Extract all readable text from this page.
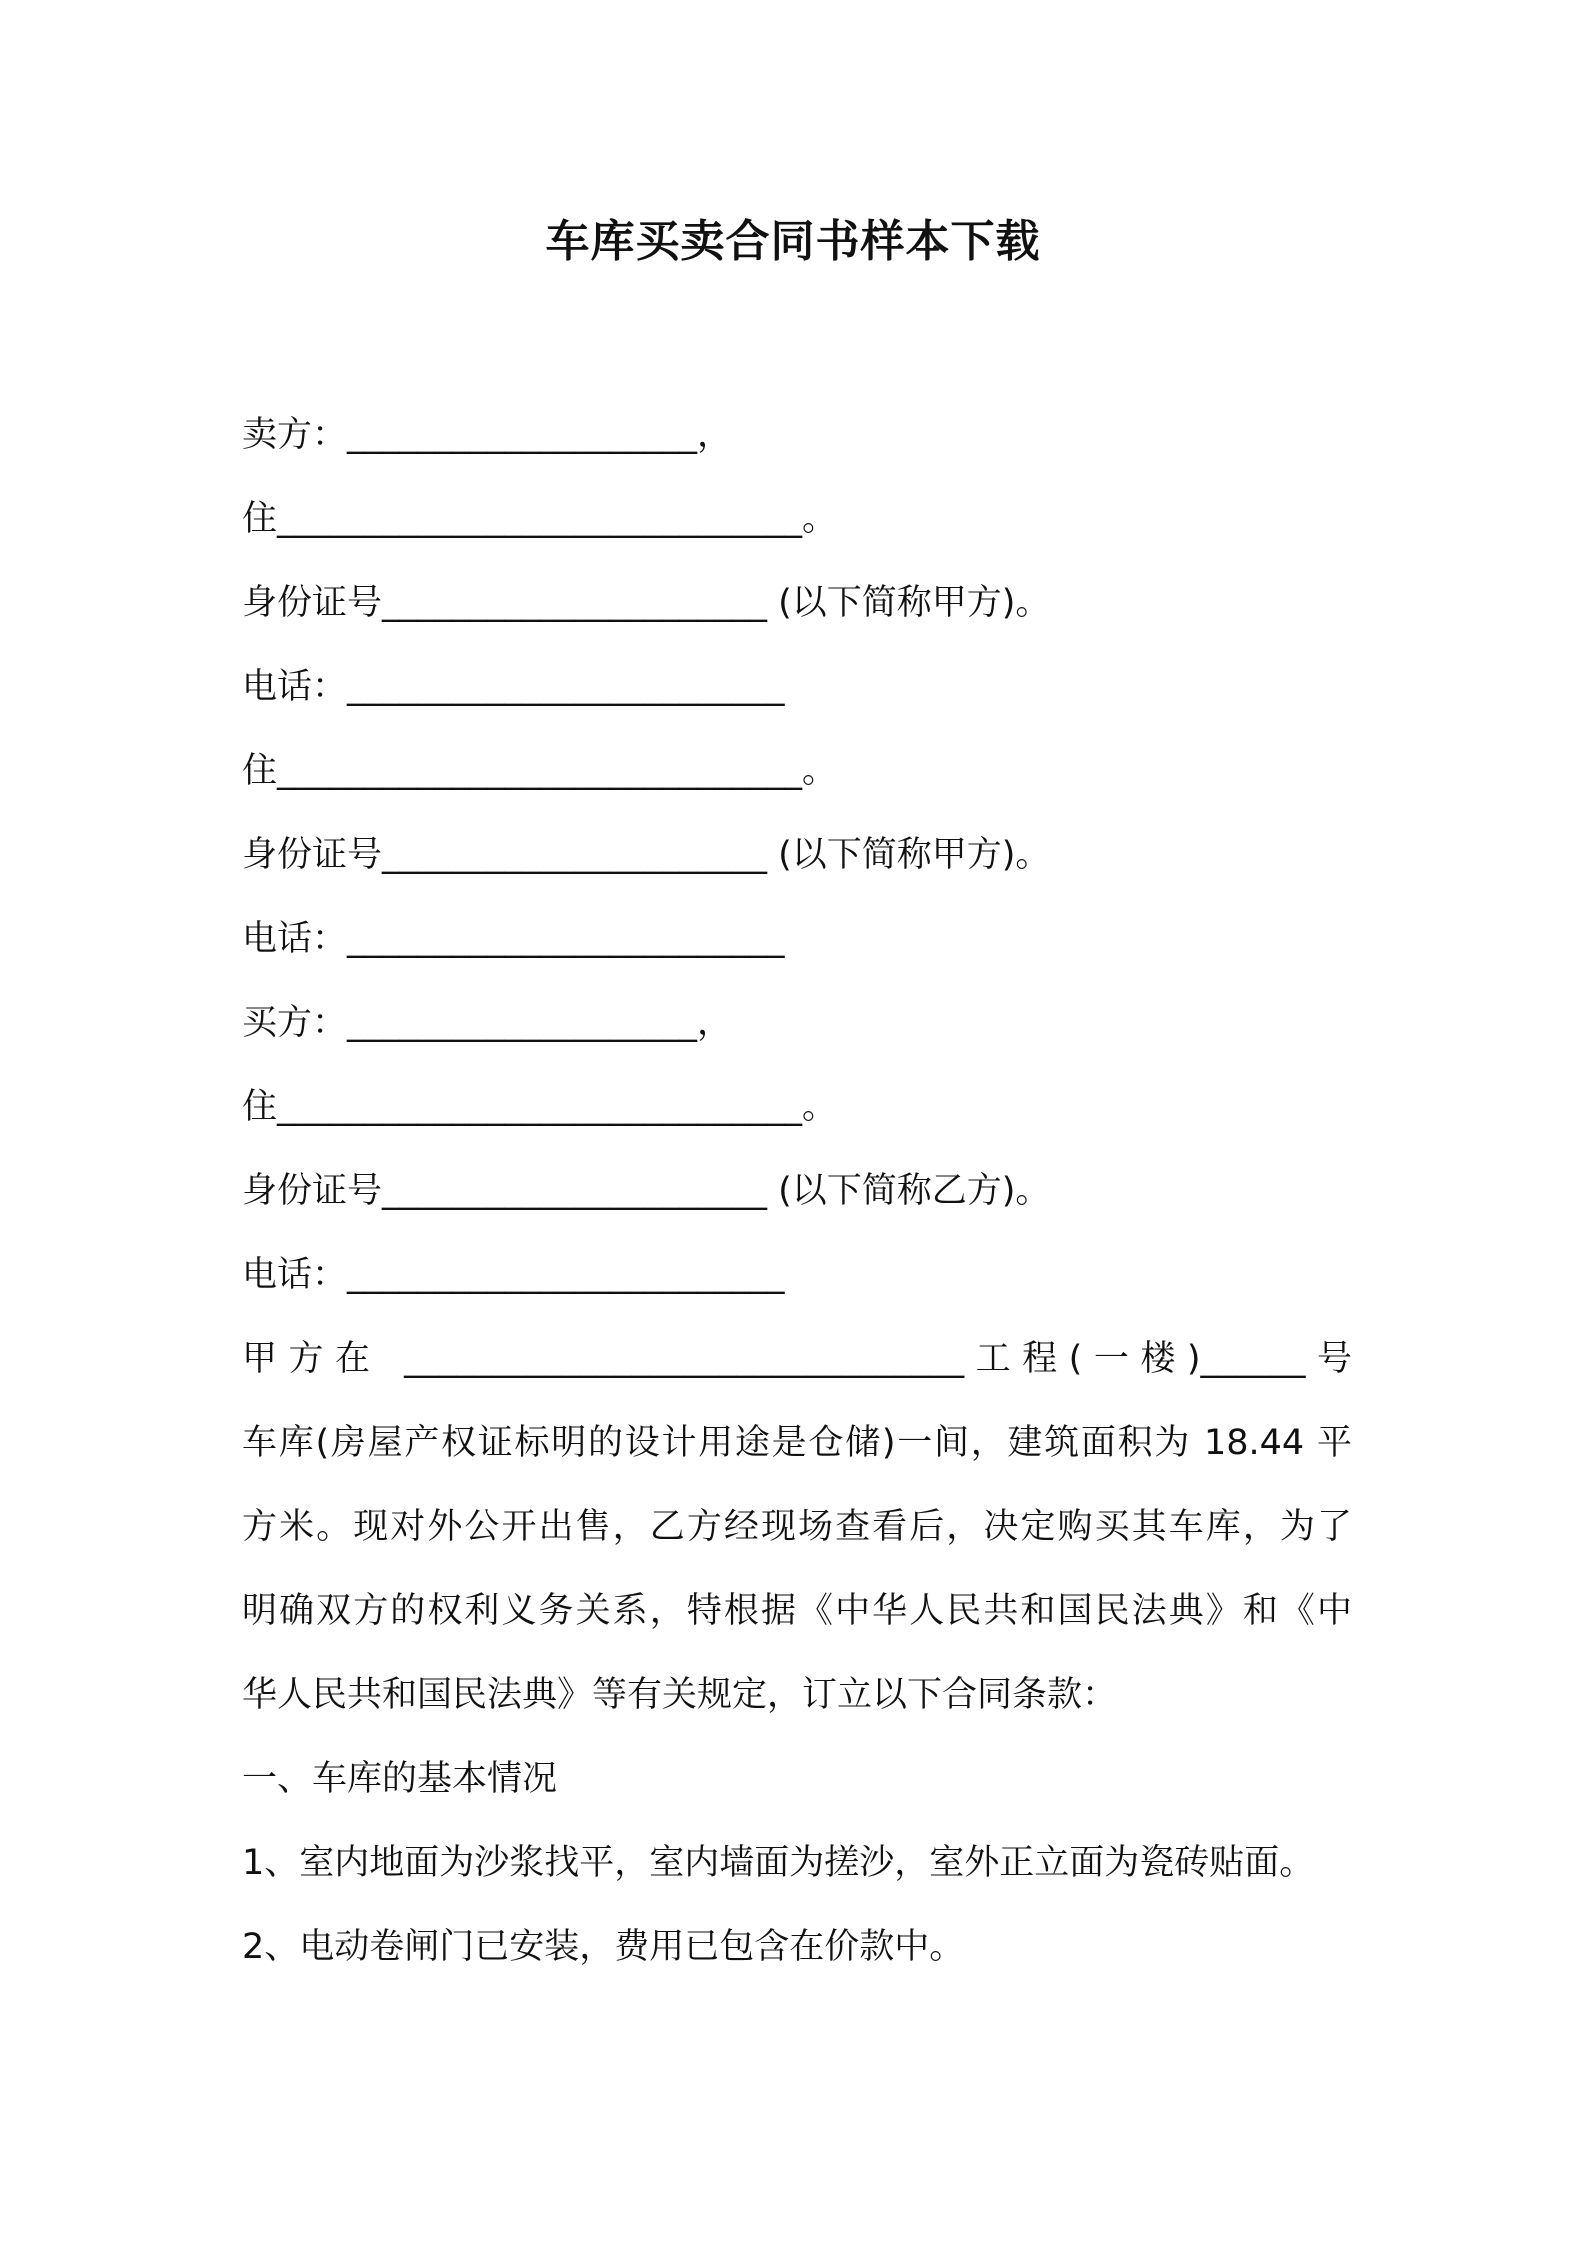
车库买卖合同书样本下载
卖方：____________________，
住______________________________。
身份证号______________________ (以下简称甲方)。
电话：_________________________
住______________________________。
身份证号______________________ (以下简称甲方)。
电话：_________________________
买方：____________________，
住______________________________。
身份证号______________________ (以下简称乙方)。
电话：_________________________
甲方在 ________________________________工程(一楼)______号
车库(房屋产权证标明的设计用途是仓储)一间，建筑面积为 18.44 平
方米。现对外公开出售，乙方经现场查看后，决定购买其车库，为了
明确双方的权利义务关系，特根据《中华人民共和国民法典》和《中
华人民共和国民法典》等有关规定，订立以下合同条款：
一、车库的基本情况
1、室内地面为沙浆找平，室内墙面为搓沙，室外正立面为瓷砖贴面。
2、电动卷闸门已安装，费用已包含在价款中。
